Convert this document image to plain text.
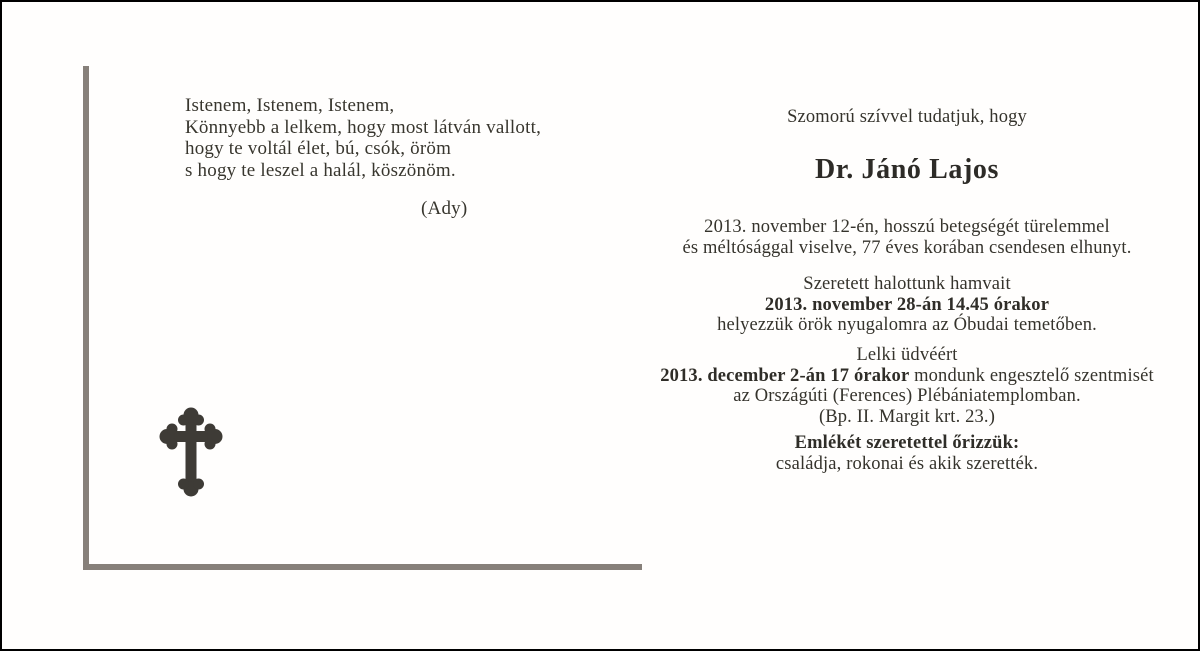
Istenem, Istenem, Istenem,
Könnyebb a lelkem, hogy most látván vallott,
hogy te voltál élet, bú, csók, öröm
s hogy te leszel a halál, köszönöm.
(Ady)
Szomorú szívvel tudatjuk, hogy
Dr. Jánó Lajos
2013. november 12-én, hosszú betegségét türelemmel
és méltósággal viselve, 77 éves korában csendesen elhunyt.
Szeretett halottunk hamvait
2013. november 28-án 14.45 órakor
helyezzük örök nyugalomra az Óbudai temetőben.
Lelki üdvéért
2013. december 2-án 17 órakor mondunk engesztelő szentmisét
az Országúti (Ferences) Plébániatemplomban.
(Bp. II. Margit krt. 23.)
Emlékét szeretettel őrizzük:
családja, rokonai és akik szerették.
